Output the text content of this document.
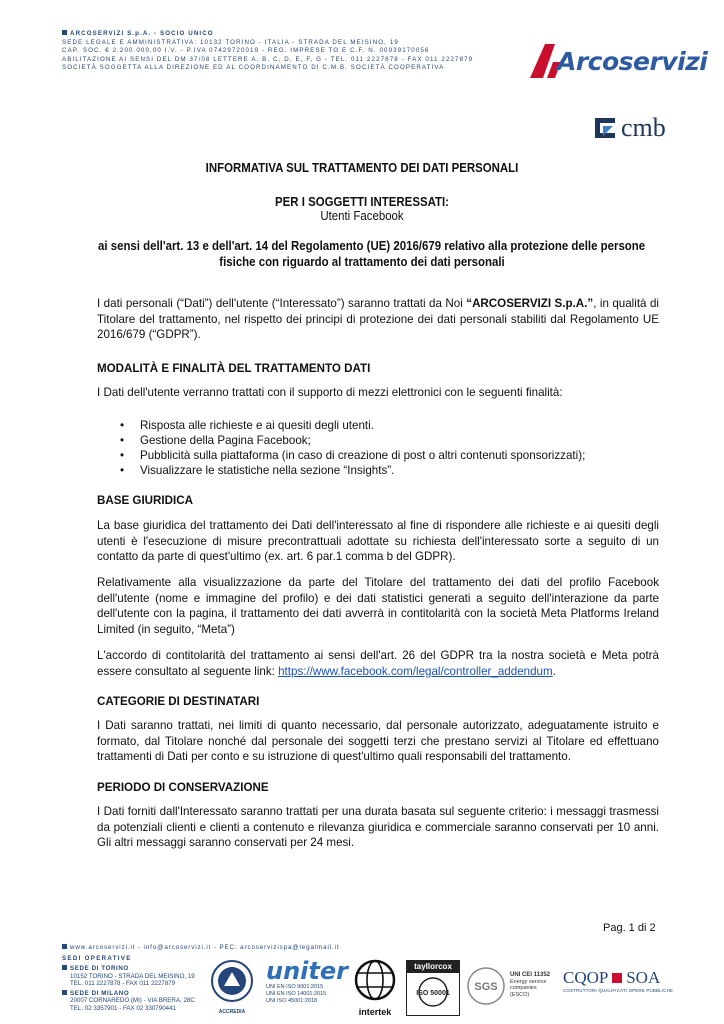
ARCOSERVIZI S.p.A. - SOCIO UNICO
SEDE LEGALE E AMMINISTRATIVA: 10132 TORINO - ITALIA - STRADA DEL MEISINO, 19
CAP. SOC. € 2.200.000,00 I.V. - P.IVA 07429720019 - REG. IMPRESE TO E C.F. N. 00939170056
ABILITAZIONE AI SENSI DEL DM 37/08 LETTERE A, B, C, D, E, F, G - TEL. 011 2227878 - FAX 011 2227879
SOCIETÀ SOGGETTA ALLA DIREZIONE ED AL COORDINAMENTO DI C.M.B. SOCIETÀ COOPERATIVA	Arcoservizi
cmb
INFORMATIVA SUL TRATTAMENTO DEI DATI PERSONALI
PER I SOGGETTI INTERESSATI:
Utenti Facebook
ai sensi dell'art. 13 e dell'art. 14 del Regolamento (UE) 2016/679 relativo alla protezione delle persone
fisiche con riguardo al trattamento dei dati personali
I dati personali (“Dati”) dell'utente (“Interessato”) saranno trattati da Noi “ARCOSERVIZI S.p.A.”, in qualità di Titolare del trattamento, nel rispetto dei principi di protezione dei dati personali stabiliti dal Regolamento UE 2016/679 (“GDPR”).
MODALITÀ E FINALITÀ DEL TRATTAMENTO DATI
I Dati dell'utente verranno trattati con il supporto di mezzi elettronici con le seguenti finalità:
• Risposta alle richieste e ai quesiti degli utenti.
• Gestione della Pagina Facebook;
• Pubblicità sulla piattaforma (in caso di creazione di post o altri contenuti sponsorizzati);
• Visualizzare le statistiche nella sezione “Insights”.
BASE GIURIDICA
La base giuridica del trattamento dei Dati dell'interessato al fine di rispondere alle richieste e ai quesiti degli utenti è l'esecuzione di misure precontrattuali adottate su richiesta dell'interessato sorte a seguito di un contatto da parte di quest'ultimo (ex. art. 6 par.1 comma b del GDPR).
Relativamente alla visualizzazione da parte del Titolare del trattamento dei dati del profilo Facebook dell'utente (nome e immagine del profilo) e dei dati statistici generati a seguito dell'interazione da parte dell'utente con la pagina, il trattamento dei dati avverrà in contitolarità con la società Meta Platforms Ireland Limited (in seguito, “Meta”)
L'accordo di contitolarità del trattamento ai sensi dell'art. 26 del GDPR tra la nostra società e Meta potrà essere consultato al seguente link: https://www.facebook.com/legal/controller_addendum.
CATEGORIE DI DESTINATARI
I Dati saranno trattati, nei limiti di quanto necessario, dal personale autorizzato, adeguatamente istruito e formato, dal Titolare nonché dal personale dei soggetti terzi che prestano servizi al Titolare ed effettuano trattamenti di Dati per conto e su istruzione di quest'ultimo quali responsabili del trattamento.
PERIODO DI CONSERVAZIONE
I Dati forniti dall'Interessato saranno trattati per una durata basata sul seguente criterio: i messaggi trasmessi da potenziali clienti e clienti a contenuto e rilevanza giuridica e commerciale saranno conservati per 10 anni. Gli altri messaggi saranno conservati per 24 mesi.
Pag. 1 di 2
www.arcoservizi.it - info@arcoservizi.it - PEC: arcoservizispa@legalmail.it
SEDI OPERATIVE
SEDE DI TORINO
10152 TORINO - STRADA DEL MEISINO, 19
TEL. 011 2227878 - FAX 011 2227879
SEDE DI MILANO
20007 CORNAREDO (MI) - VIA BRERA, 28C
TEL. 02 3357901 - FAX 02 330790441
ACCREDIA
uniter
UNI EN ISO 9001:2015
UNI EN ISO 14001:2015
UNI ISO 45001:2018
intertek
tayllorcox
ISO 50001
SGS
UNI CEI 11352
Energy service companies
(ESCO)
CQOP SOA
COSTRUTTORI QUALIFICATI OPERE PUBBLICHE
